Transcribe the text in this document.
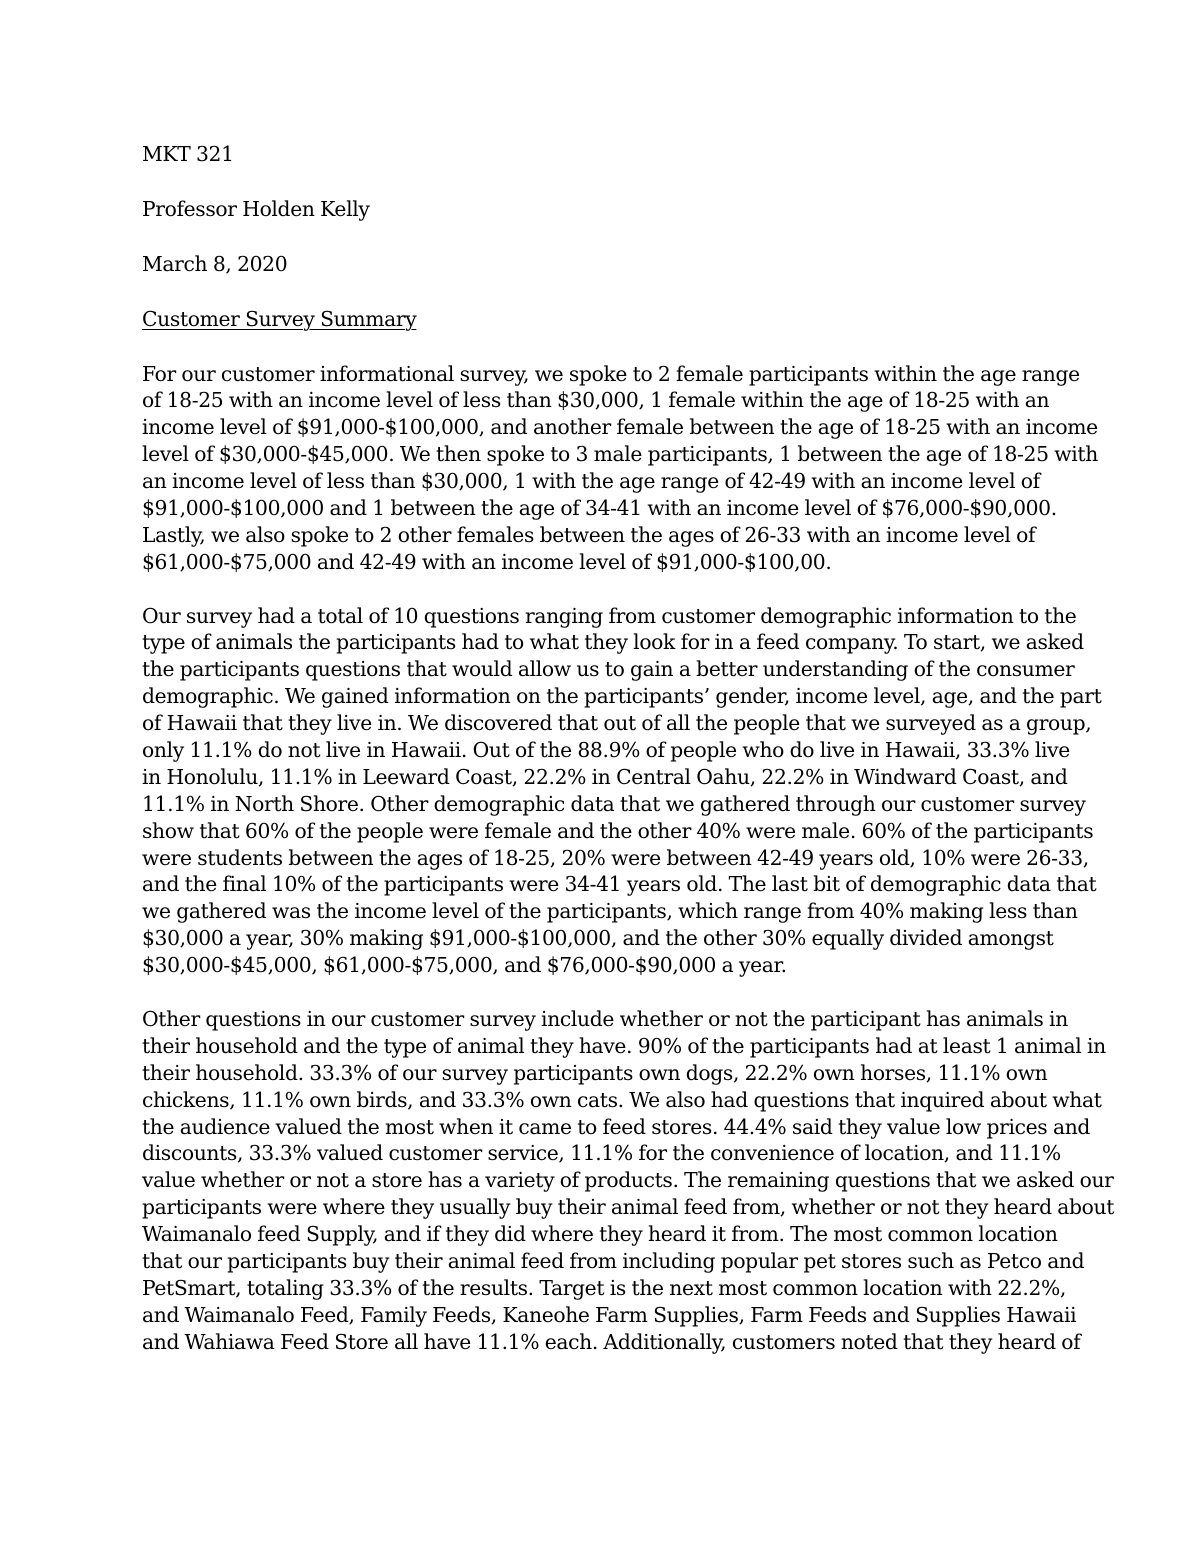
MKT 321
Professor Holden Kelly
March 8, 2020
Customer Survey Summary
For our customer informational survey, we spoke to 2 female participants within the age range
of 18-25 with an income level of less than $30,000, 1 female within the age of 18-25 with an
income level of $91,000-$100,000, and another female between the age of 18-25 with an income
level of $30,000-$45,000. We then spoke to 3 male participants, 1 between the age of 18-25 with
an income level of less than $30,000, 1 with the age range of 42-49 with an income level of
$91,000-$100,000 and 1 between the age of 34-41 with an income level of $76,000-$90,000.
Lastly, we also spoke to 2 other females between the ages of 26-33 with an income level of
$61,000-$75,000 and 42-49 with an income level of $91,000-$100,00.
Our survey had a total of 10 questions ranging from customer demographic information to the
type of animals the participants had to what they look for in a feed company. To start, we asked
the participants questions that would allow us to gain a better understanding of the consumer
demographic. We gained information on the participants’ gender, income level, age, and the part
of Hawaii that they live in. We discovered that out of all the people that we surveyed as a group,
only 11.1% do not live in Hawaii. Out of the 88.9% of people who do live in Hawaii, 33.3% live
in Honolulu, 11.1% in Leeward Coast, 22.2% in Central Oahu, 22.2% in Windward Coast, and
11.1% in North Shore. Other demographic data that we gathered through our customer survey
show that 60% of the people were female and the other 40% were male. 60% of the participants
were students between the ages of 18-25, 20% were between 42-49 years old, 10% were 26-33,
and the final 10% of the participants were 34-41 years old. The last bit of demographic data that
we gathered was the income level of the participants, which range from 40% making less than
$30,000 a year, 30% making $91,000-$100,000, and the other 30% equally divided amongst
$30,000-$45,000, $61,000-$75,000, and $76,000-$90,000 a year.
Other questions in our customer survey include whether or not the participant has animals in
their household and the type of animal they have. 90% of the participants had at least 1 animal in
their household. 33.3% of our survey participants own dogs, 22.2% own horses, 11.1% own
chickens, 11.1% own birds, and 33.3% own cats. We also had questions that inquired about what
the audience valued the most when it came to feed stores. 44.4% said they value low prices and
discounts, 33.3% valued customer service, 11.1% for the convenience of location, and 11.1%
value whether or not a store has a variety of products. The remaining questions that we asked our
participants were where they usually buy their animal feed from, whether or not they heard about
Waimanalo feed Supply, and if they did where they heard it from. The most common location
that our participants buy their animal feed from including popular pet stores such as Petco and
PetSmart, totaling 33.3% of the results. Target is the next most common location with 22.2%,
and Waimanalo Feed, Family Feeds, Kaneohe Farm Supplies, Farm Feeds and Supplies Hawaii
and Wahiawa Feed Store all have 11.1% each. Additionally, customers noted that they heard of
